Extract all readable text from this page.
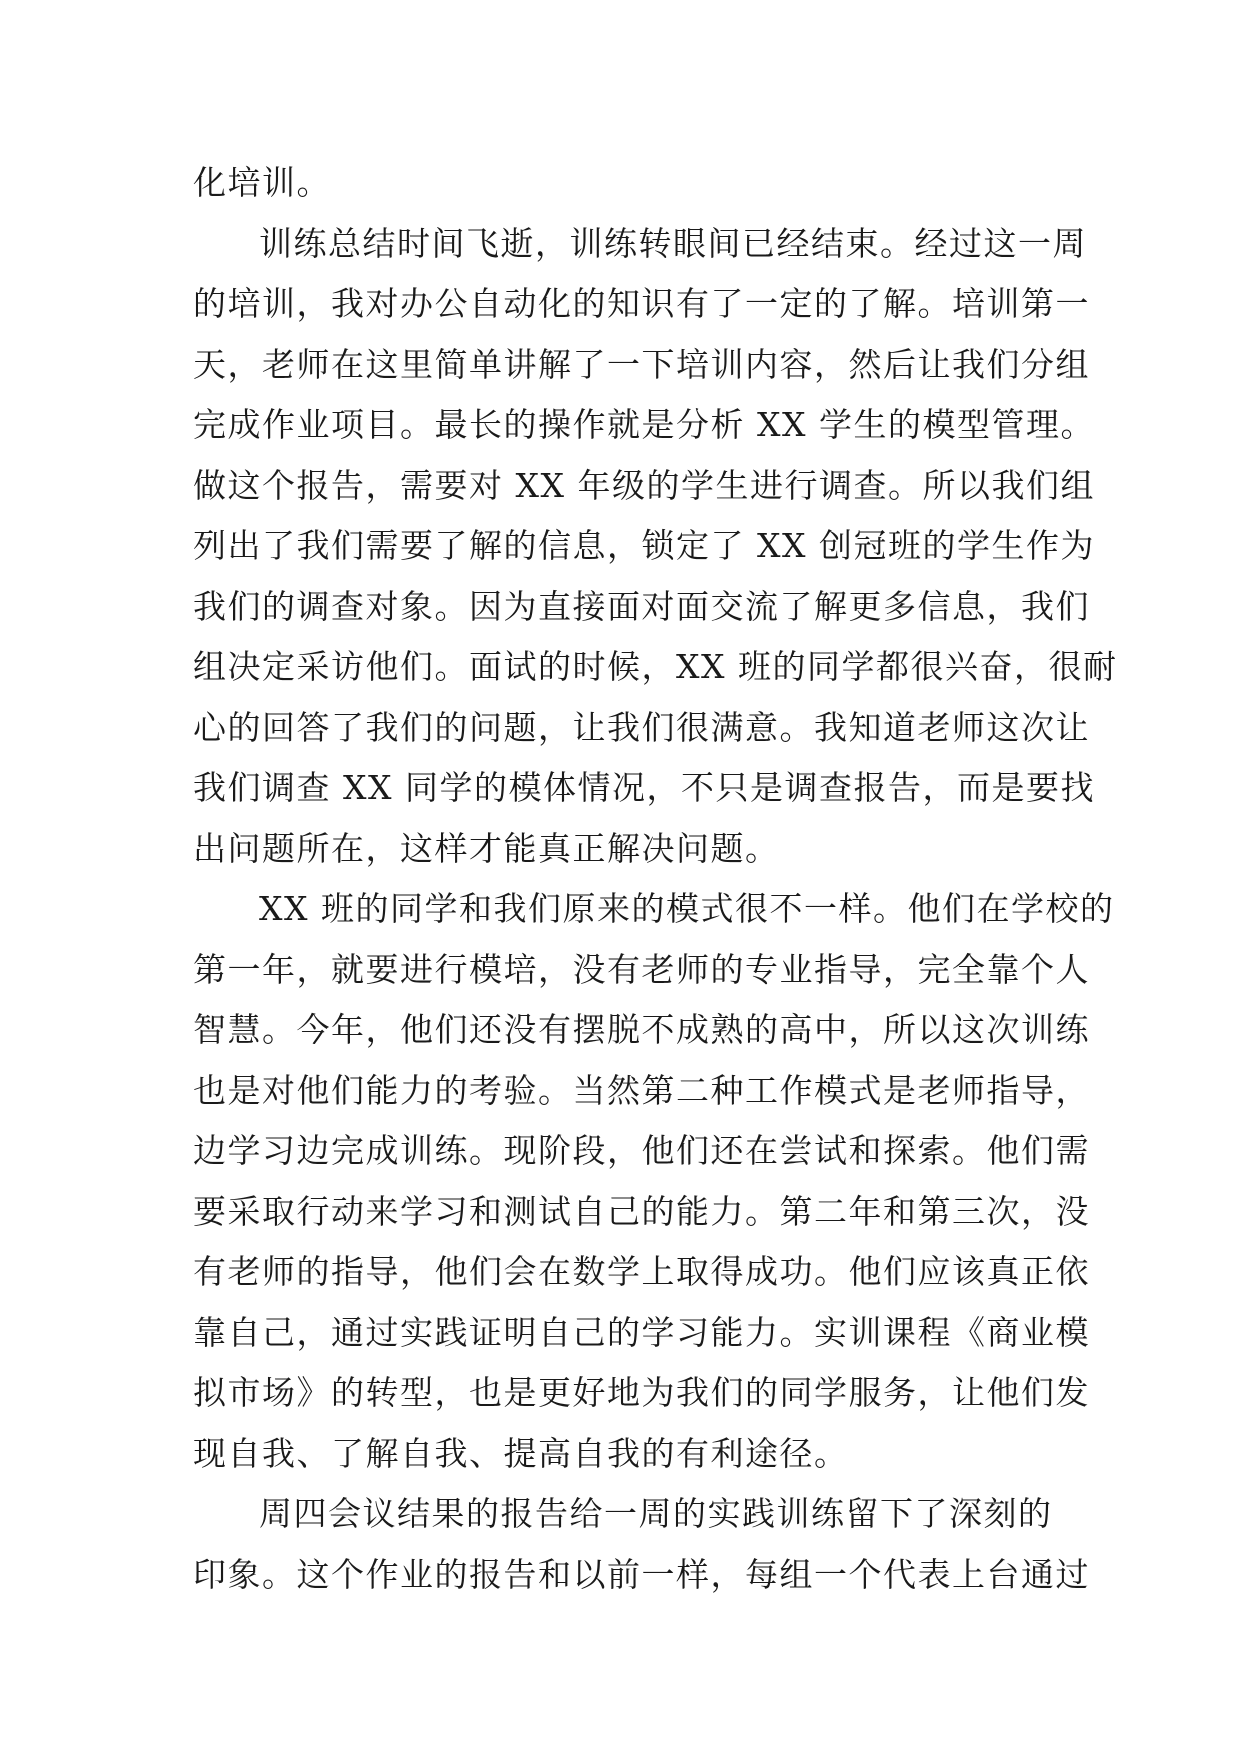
化培训。
训练总结时间飞逝，训练转眼间已经结束。经过这一周
的培训，我对办公自动化的知识有了一定的了解。培训第一
天，老师在这里简单讲解了一下培训内容，然后让我们分组
完成作业项目。最长的操作就是分析 XX 学生的模型管理。
做这个报告，需要对 XX 年级的学生进行调查。所以我们组
列出了我们需要了解的信息，锁定了 XX 创冠班的学生作为
我们的调查对象。因为直接面对面交流了解更多信息，我们
组决定采访他们。面试的时候，XX 班的同学都很兴奋，很耐
心的回答了我们的问题，让我们很满意。我知道老师这次让
我们调查 XX 同学的模体情况，不只是调查报告，而是要找
出问题所在，这样才能真正解决问题。
XX 班的同学和我们原来的模式很不一样。他们在学校的
第一年，就要进行模培，没有老师的专业指导，完全靠个人
智慧。今年，他们还没有摆脱不成熟的高中，所以这次训练
也是对他们能力的考验。当然第二种工作模式是老师指导，
边学习边完成训练。现阶段，他们还在尝试和探索。他们需
要采取行动来学习和测试自己的能力。第二年和第三次，没
有老师的指导，他们会在数学上取得成功。他们应该真正依
靠自己，通过实践证明自己的学习能力。实训课程《商业模
拟市场》的转型，也是更好地为我们的同学服务，让他们发
现自我、了解自我、提高自我的有利途径。
周四会议结果的报告给一周的实践训练留下了深刻的
印象。这个作业的报告和以前一样，每组一个代表上台通过
